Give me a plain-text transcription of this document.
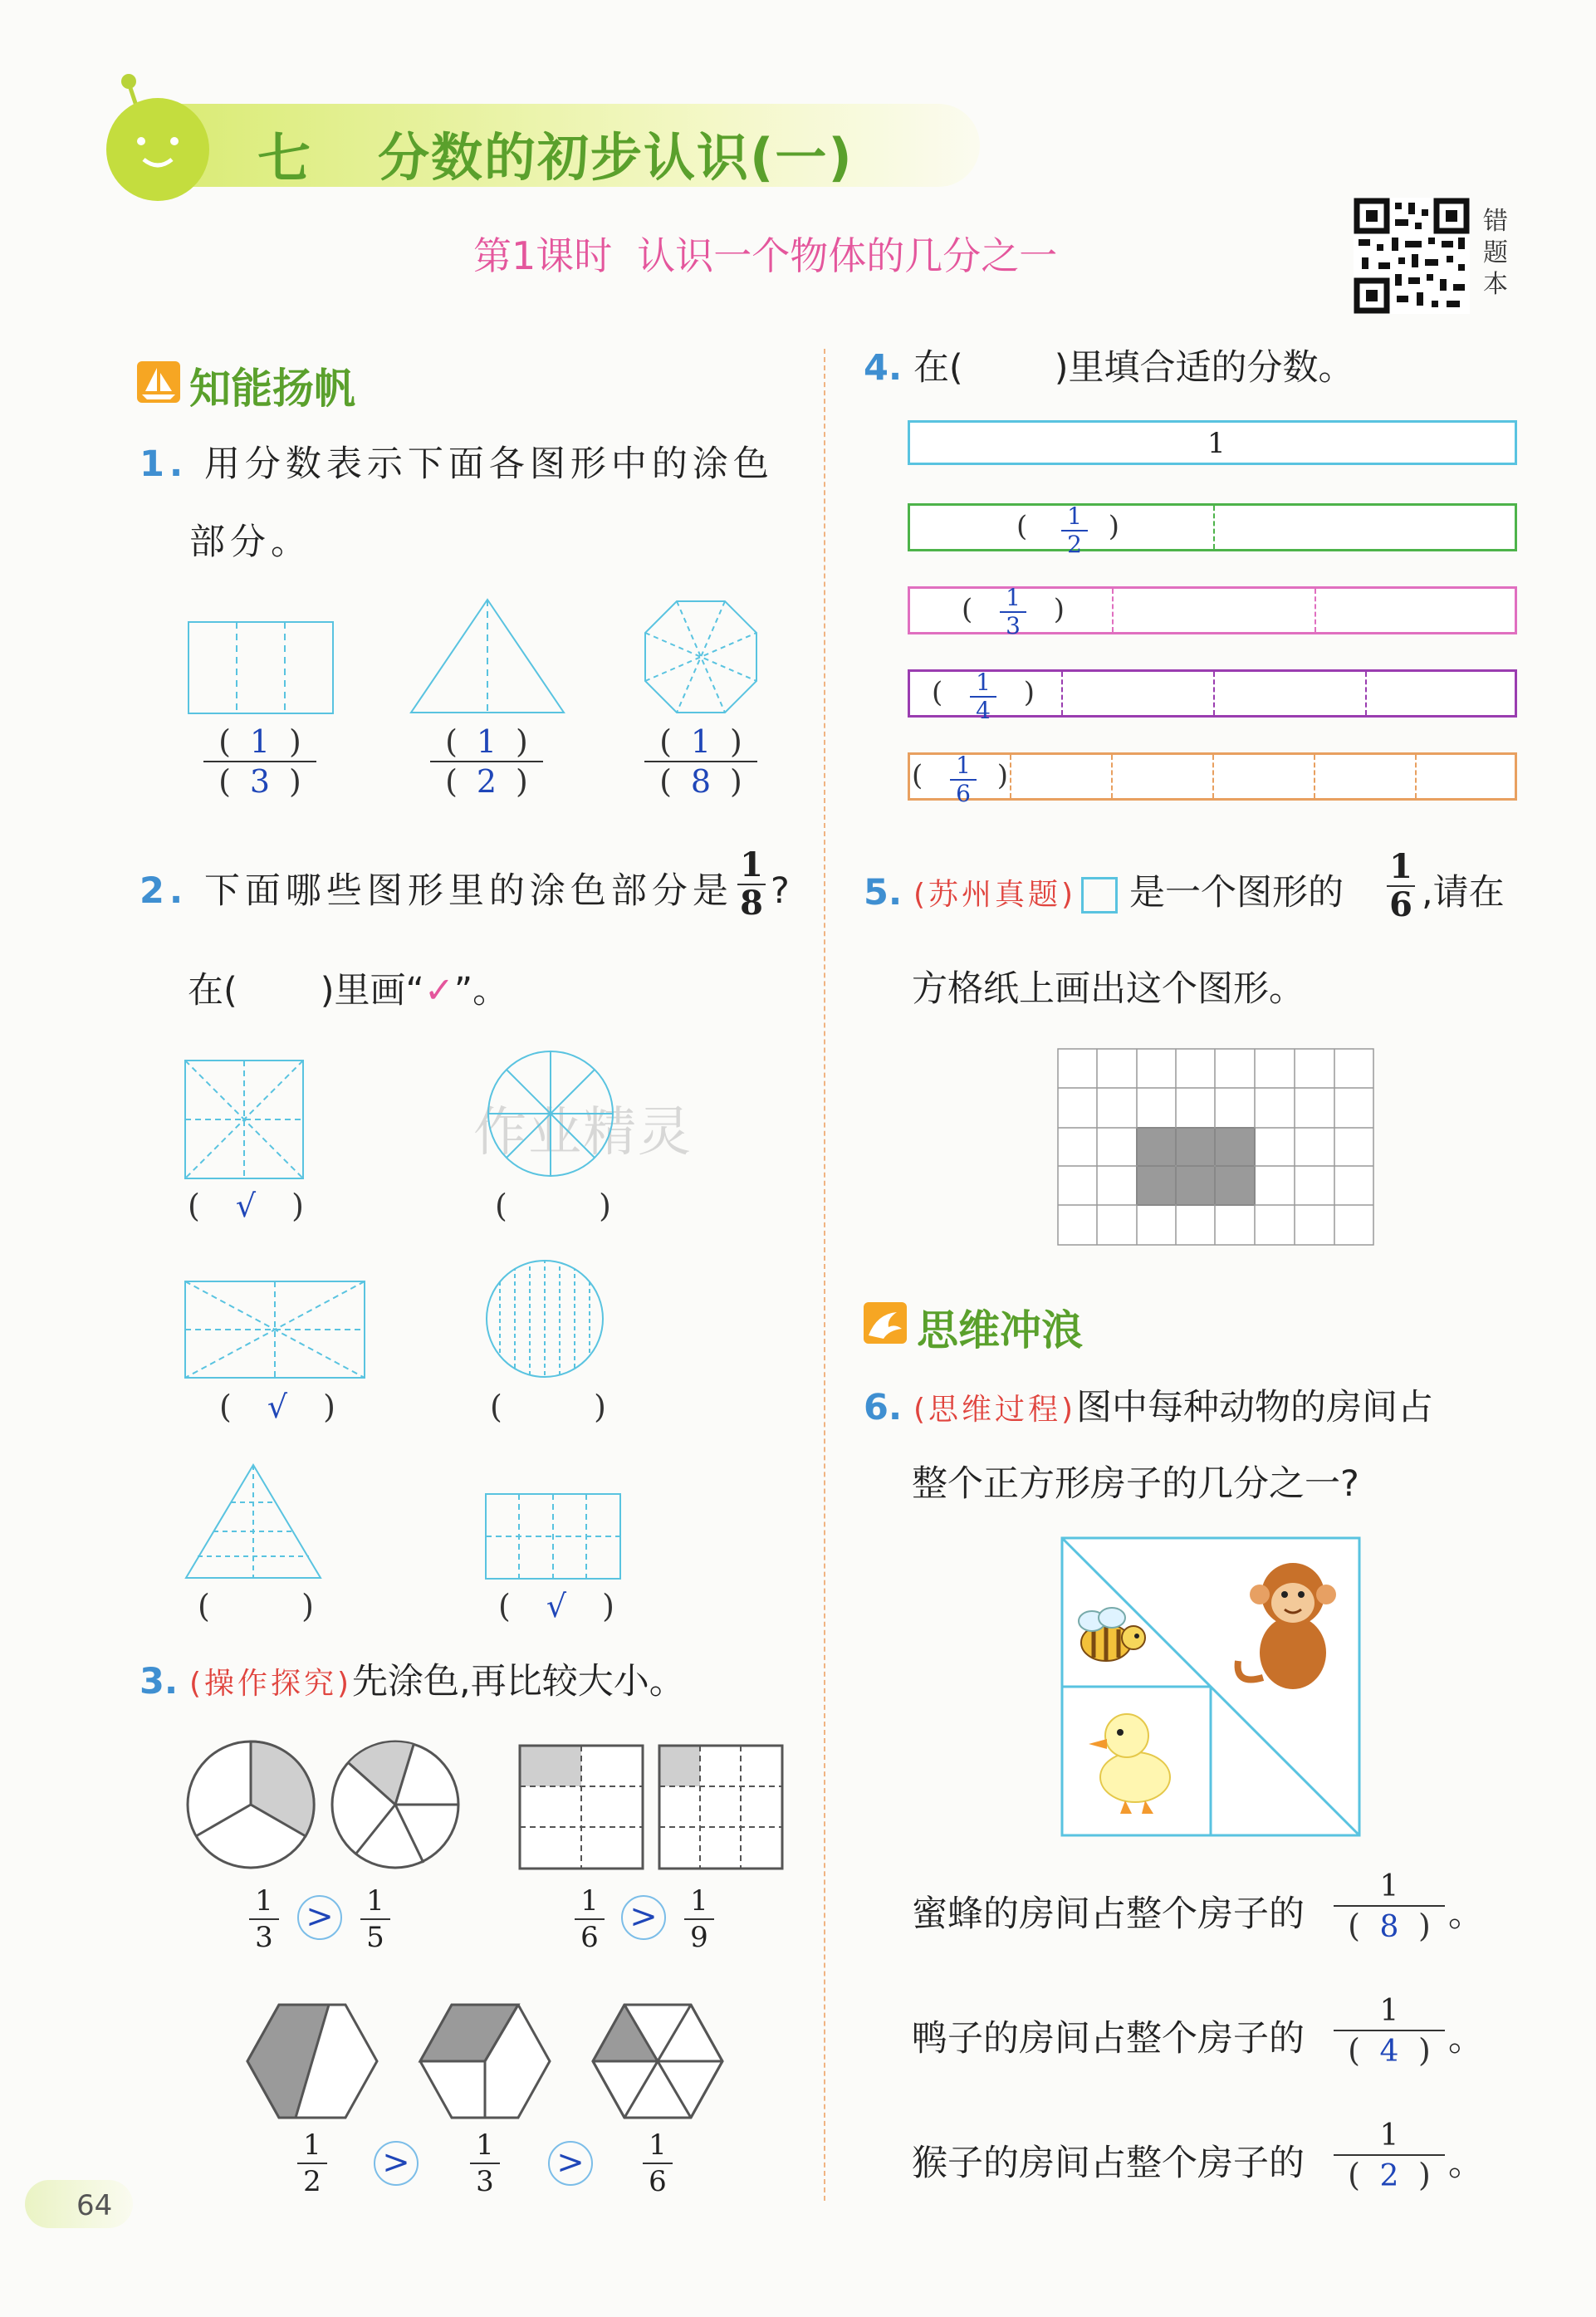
七 分数的初步认识(一)
第1课时 认识一个物体的几分之一
错题本
作业精灵
知能扬帆
1. 用分数表示下面各图形中的涂色
部分。
( 1 )
( 3 )
( 1 )
( 2 )
( 1 )
( 8 )
2. 下面哪些图形里的涂色部分是
1
8 ?
在( )里画“✓”。
( √ )	(	)
( √ )	(	)
(	)	( √ )
3. (操作探究)先涂色,再比较大小。
1
3
>	1
5
1
6
>	1
9
1
2 >	1
3 >	1
6
64
4. 在(	)里填合适的分数。
1
1
2
(	)
1
3
(	)
1
4
(	)
1
6
(	)
5. (苏州真题) 是一个图形的
1
6 ,请在
方格纸上画出这个图形。
思维冲浪
6. (思维过程)图中每种动物的房间占
整个正方形房子的几分之一?
蜜蜂的房间占整个房子的
1
( 8 ) 。
鸭子的房间占整个房子的
1
( 4 ) 。
猴子的房间占整个房子的
1
( 2 ) 。
